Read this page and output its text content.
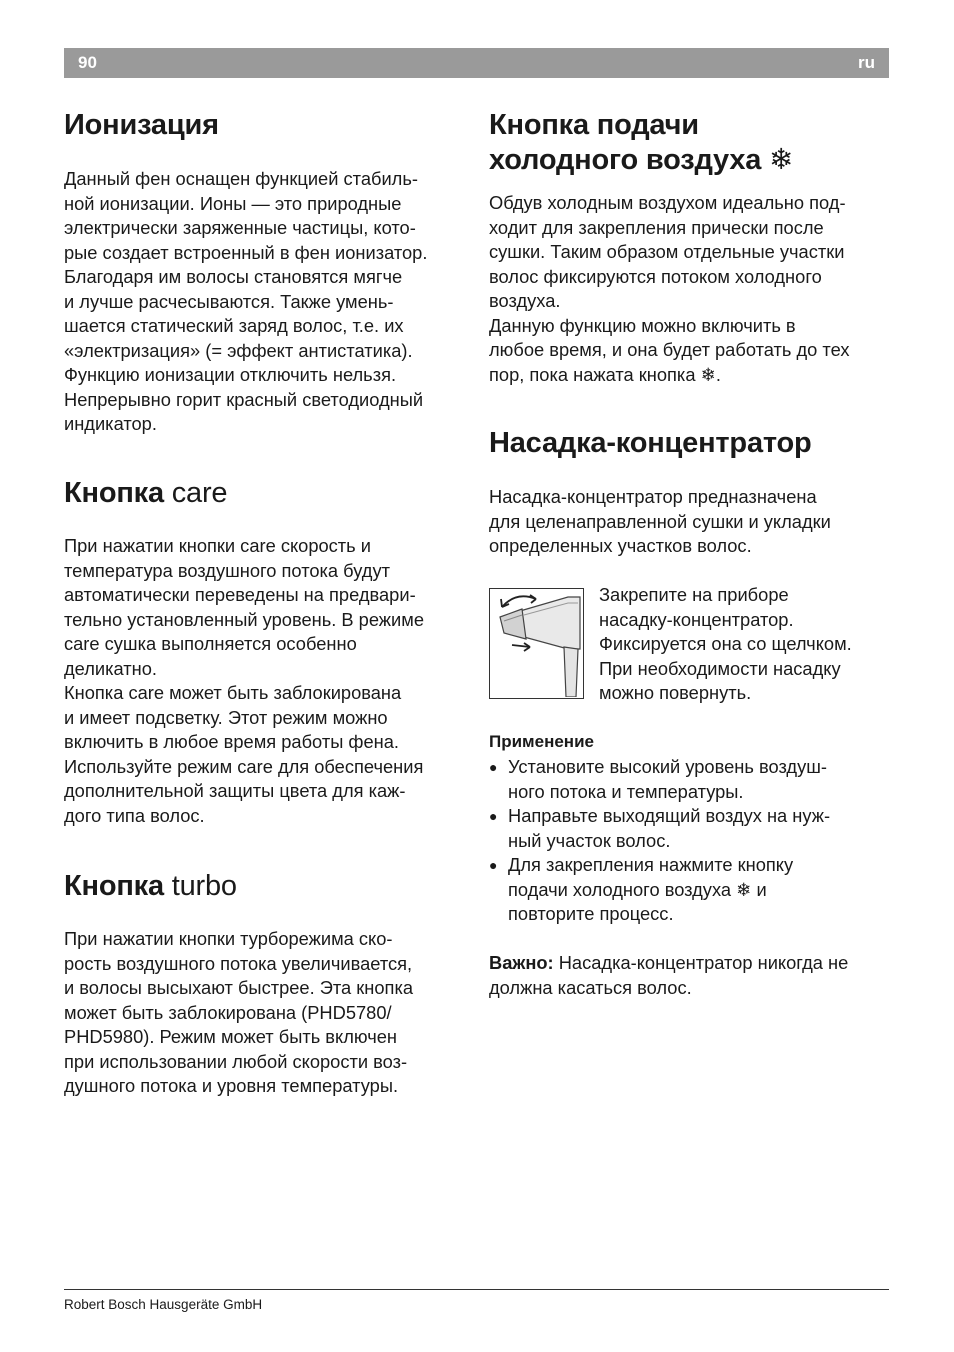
90	ru
Ионизация
Данный фен оснащен функцией стабиль-
ной ионизации. Ионы — это природные
электрически заряженные частицы, кото-
рые создает встроенный в фен ионизатор.
Благодаря им волосы становятся мягче
и лучше расчесываются. Также умень-
шается статический заряд волос, т.е. их
«электризация» (= эффект антистатика).
Функцию ионизации отключить нельзя.
Непрерывно горит красный светодиодный
индикатор.
Кнопка care
При нажатии кнопки care скорость и
температура воздушного потока будут
автоматически переведены на предвари-
тельно установленный уровень. В режиме
care сушка выполняется особенно
деликатно.
Кнопка care может быть заблокирована
и имеет подсветку. Этот режим можно
включить в любое время работы фена.
Используйте режим care для обеспечения
дополнительной защиты цвета для каж-
дого типа волос.
Кнопка turbo
При нажатии кнопки турборежима ско-
рость воздушного потока увеличивается,
и волосы высыхают быстрее. Эта кнопка
может быть заблокирована (PHD5780/
PHD5980). Режим может быть включен
при использовании любой скорости воз-
душного потока и уровня температуры.
Кнопка подачи
холодного воздуха ❄
Обдув холодным воздухом идеально под-
ходит для закрепления прически после
сушки. Таким образом отдельные участки
волос фиксируются потоком холодного
воздуха.
Данную функцию можно включить в
любое время, и она будет работать до тех
пор, пока нажата кнопка ❄.
Насадка-концентратор
Насадка-концентратор предназначена
для целенаправленной сушки и укладки
определенных участков волос.
Закрепите на приборе
насадку-концентратор.
Фиксируется она со щелчком.
При необходимости насадку
можно повернуть.

Применение

● Установите высокий уровень воздуш-
ного потока и температуры.
● Направьте выходящий воздух на нуж-
ный участок волос.
● Для закрепления нажмите кнопку
подачи холодного воздуха ❄ и
повторите процесс.
Важно: Насадка-концентратор никогда не
должна касаться волос.
Robert Bosch Hausgeräte GmbH
